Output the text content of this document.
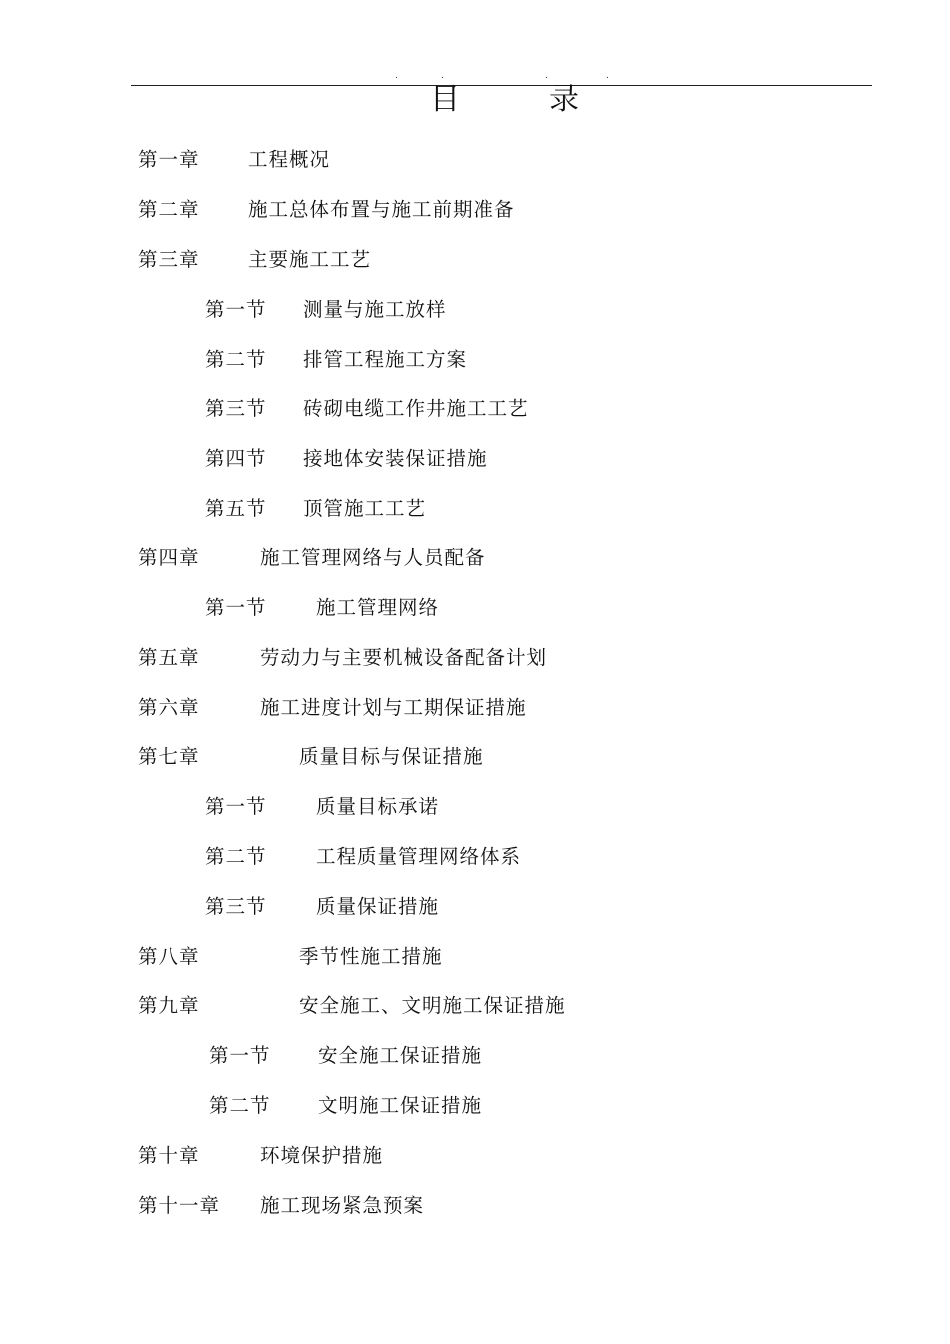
.	.	.	.
目	录
第一章 工程概况
第二章 施工总体布置与施工前期准备
第三章 主要施工工艺
第一节 测量与施工放样
第二节 排管工程施工方案
第三节 砖砌电缆工作井施工工艺
第四节 接地体安装保证措施
第五节 顶管施工工艺
第四章	施工管理网络与人员配备
第一节	施工管理网络
第五章	劳动力与主要机械设备配备计划
第六章	施工进度计划与工期保证措施
第七章	质量目标与保证措施
第一节	质量目标承诺
第二节	工程质量管理网络体系
第三节	质量保证措施
第八章	季节性施工措施
第九章	安全施工、文明施工保证措施
第一节 安全施工保证措施
第二节 文明施工保证措施
第十章	环境保护措施
第十一章 施工现场紧急预案
